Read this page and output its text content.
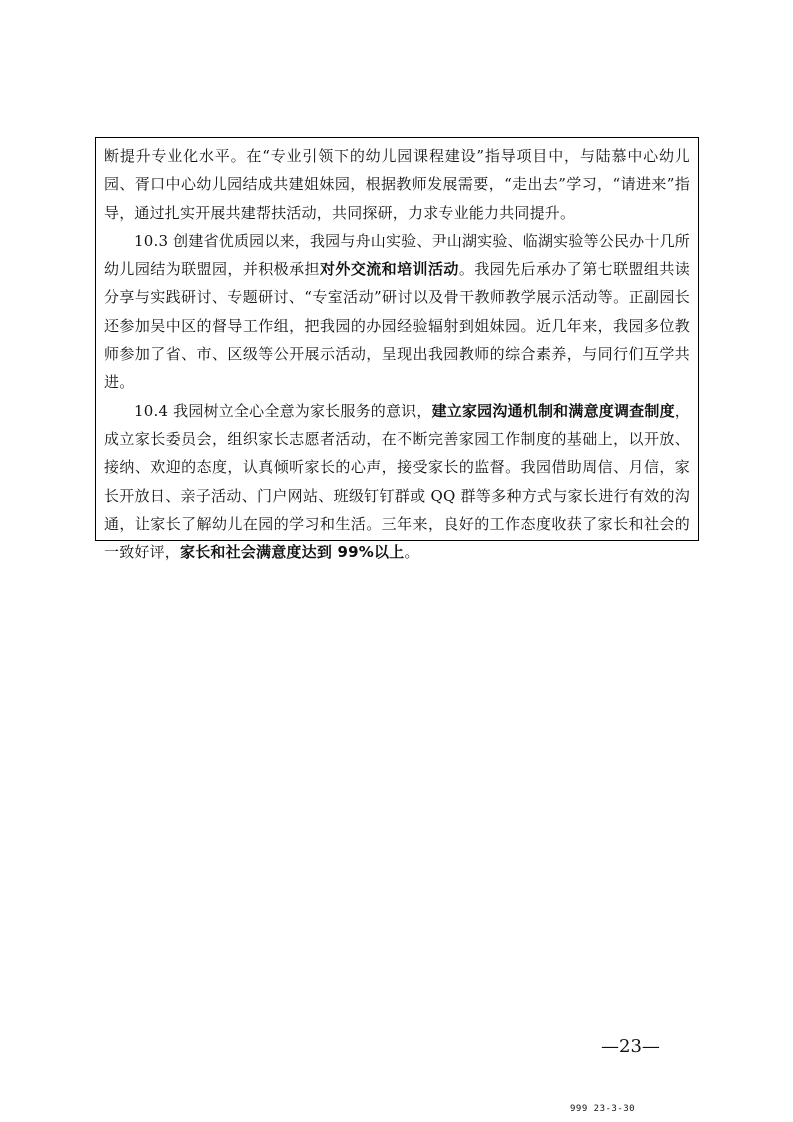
断提升专业化水平。在“专业引领下的幼儿园课程建设”指导项目中，与陆慕中心幼儿园、胥口中心幼儿园结成共建姐妹园，根据教师发展需要，“走出去”学习，“请进来”指导，通过扎实开展共建帮扶活动，共同探研，力求专业能力共同提升。

10.3 创建省优质园以来，我园与舟山实验、尹山湖实验、临湖实验等公民办十几所幼儿园结为联盟园，并积极承担对外交流和培训活动。我园先后承办了第七联盟组共读分享与实践研讨、专题研讨、“专室活动”研讨以及骨干教师教学展示活动等。正副园长还参加吴中区的督导工作组，把我园的办园经验辐射到姐妹园。近几年来，我园多位教师参加了省、市、区级等公开展示活动，呈现出我园教师的综合素养，与同行们互学共进。

10.4 我园树立全心全意为家长服务的意识，建立家园沟通机制和满意度调查制度，成立家长委员会，组织家长志愿者活动，在不断完善家园工作制度的基础上，以开放、接纳、欢迎的态度，认真倾听家长的心声，接受家长的监督。我园借助周信、月信，家长开放日、亲子活动、门户网站、班级钉钉群或 QQ 群等多种方式与家长进行有效的沟通，让家长了解幼儿在园的学习和生活。三年来，良好的工作态度收获了家长和社会的一致好评，家长和社会满意度达到 99%以上。

—23—
999 23-3-30
